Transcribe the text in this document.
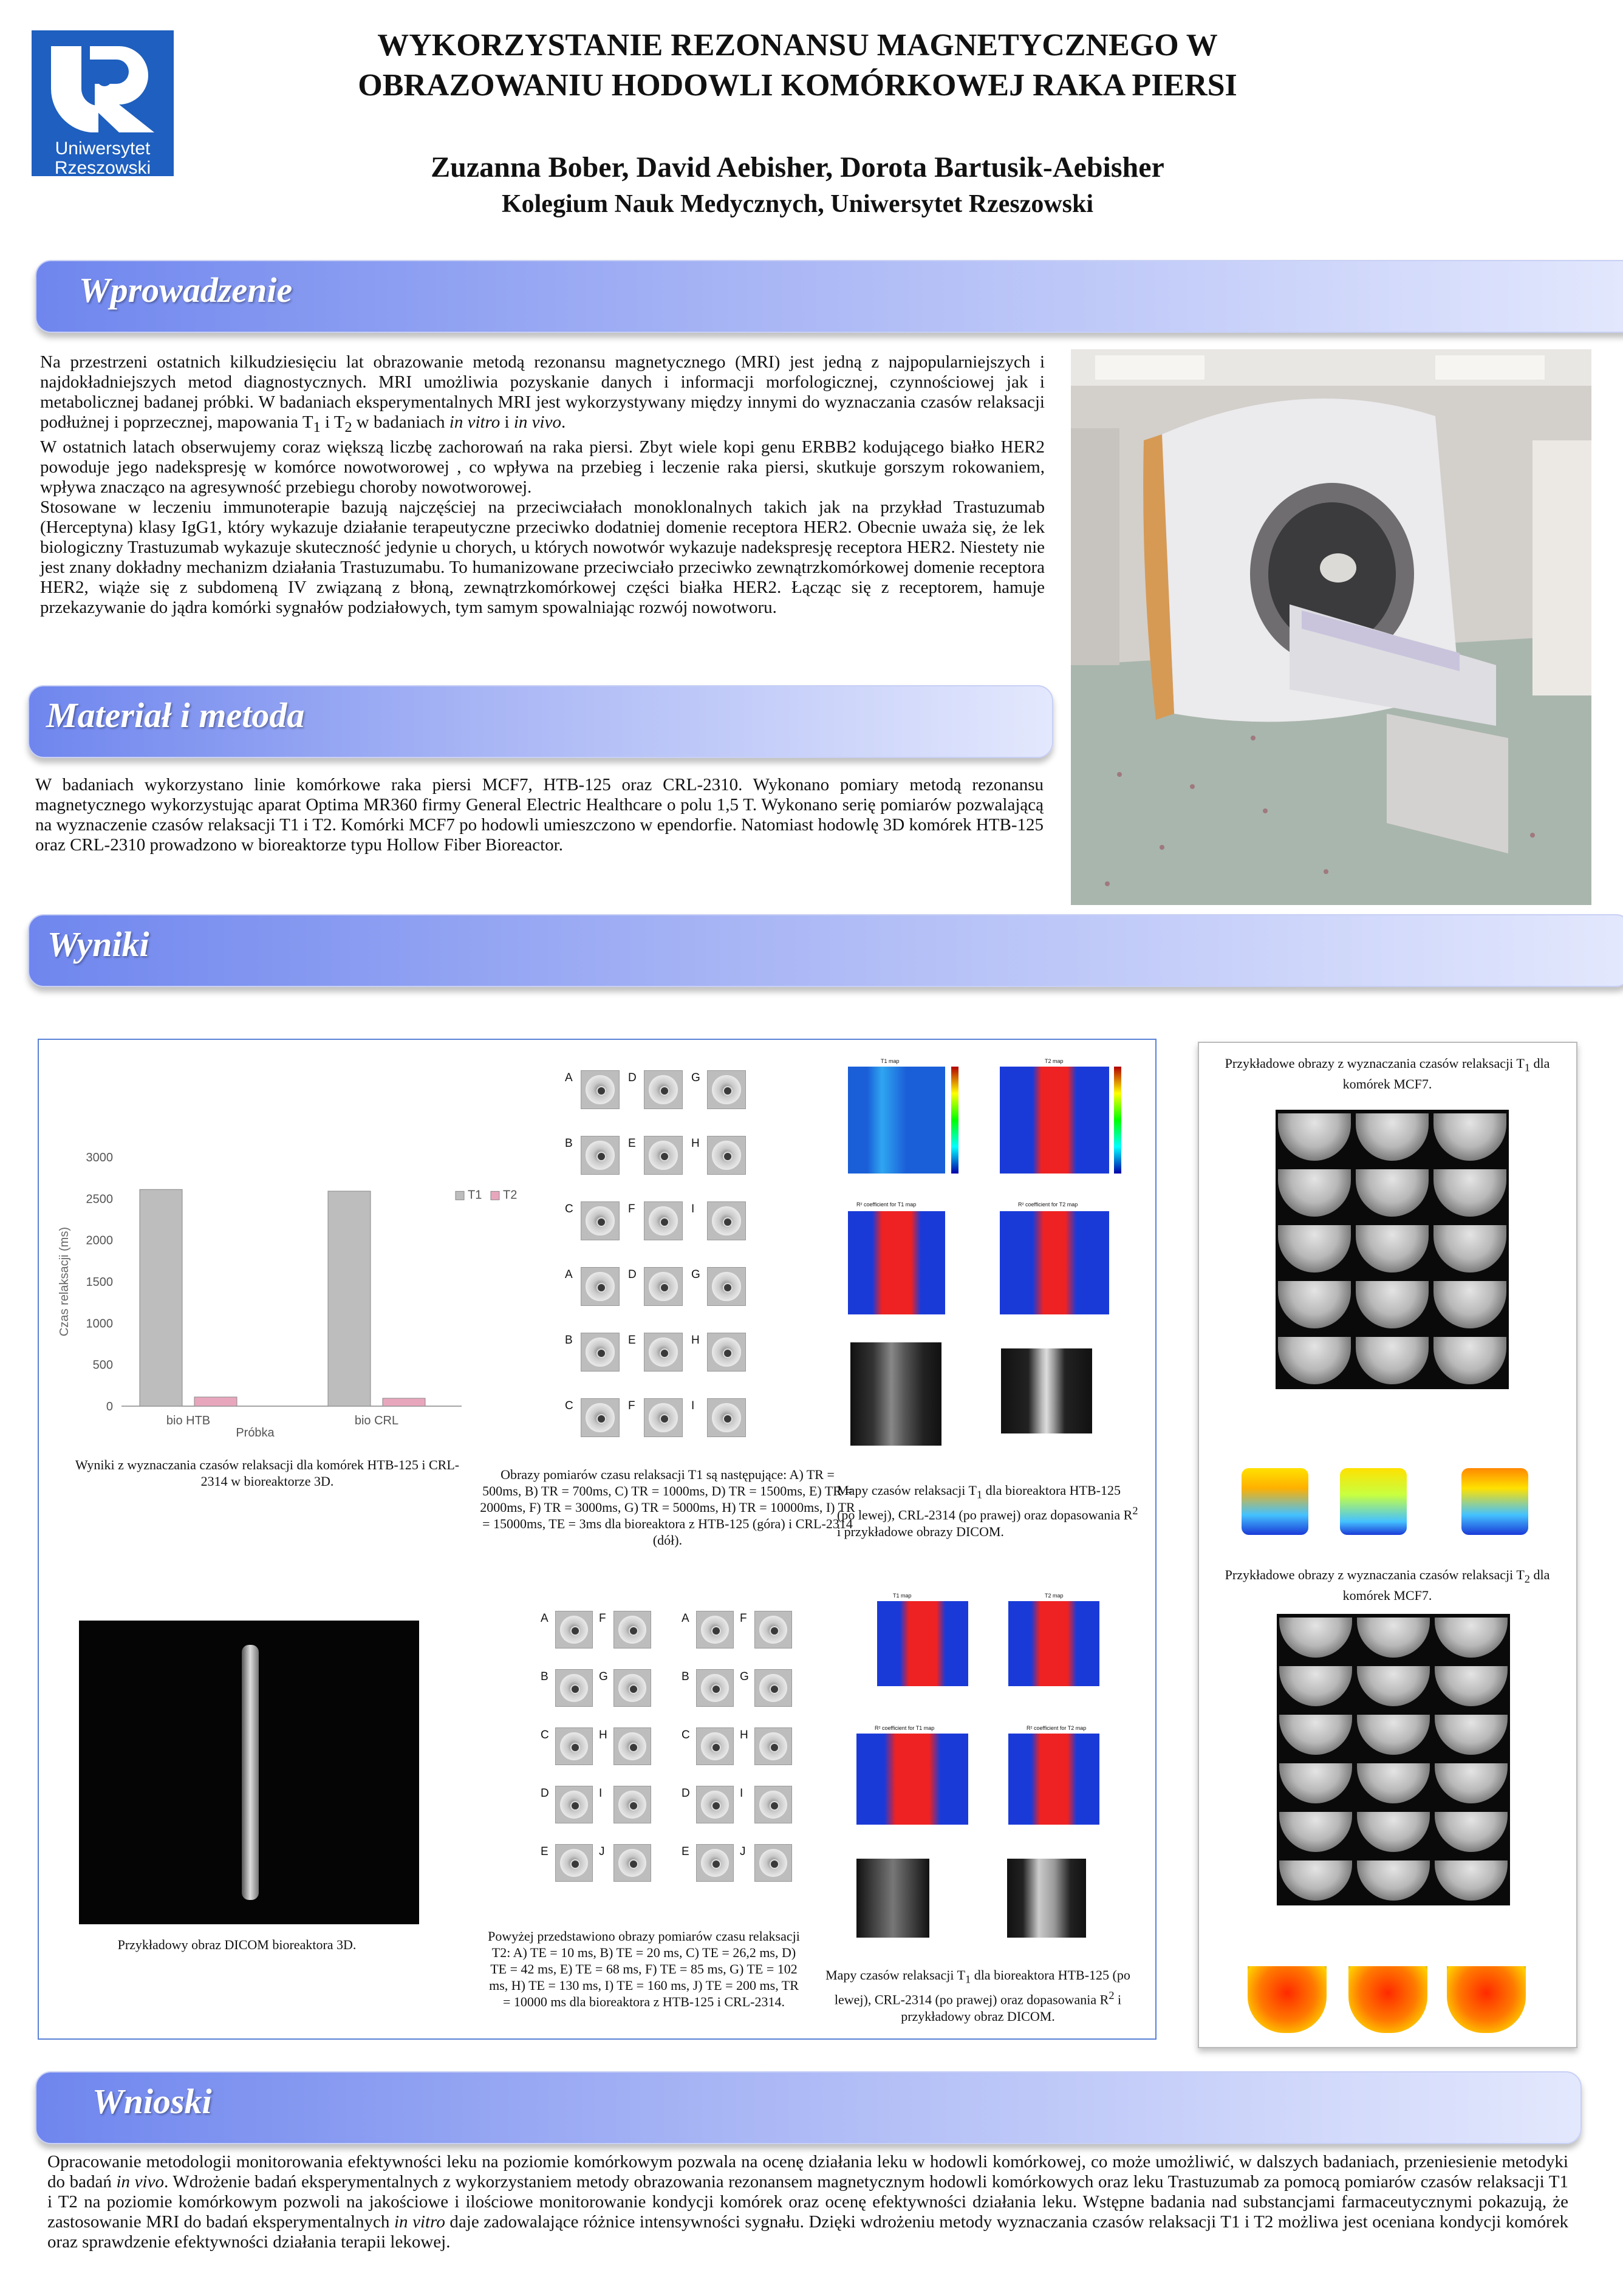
Uniwersytet
Rzeszowski
WYKORZYSTANIE REZONANSU MAGNETYCZNEGO W
OBRAZOWANIU HODOWLI KOMÓRKOWEJ RAKA PIERSI
Zuzanna Bober, David Aebisher, Dorota Bartusik-Aebisher
Kolegium Nauk Medycznych, Uniwersytet Rzeszowski
Wprowadzenie

Na przestrzeni ostatnich kilkudziesięciu lat obrazowanie metodą rezonansu magnetycznego (MRI) jest jedną z najpopularniejszych i najdokładniejszych metod diagnostycznych. MRI umożliwia pozyskanie danych i informacji morfologicznej, czynnościowej jak i metabolicznej badanej próbki. W badaniach eksperymentalnych MRI jest wykorzystywany między innymi do wyznaczania czasów relaksacji podłużnej i poprzecznej, mapowania $T_1$ i $T_2$ w badaniach in vitro i in vivo.

W ostatnich latach obserwujemy coraz większą liczbę zachorowań na raka piersi. Zbyt wiele kopi genu ERBB2 kodującego białko HER2 powoduje jego nadekspresję w komórce nowotworowej , co wpływa na przebieg i leczenie raka piersi, skutkuje gorszym rokowaniem, wpływa znacząco na agresywność przebiegu choroby nowotworowej.

Stosowane w leczeniu immunoterapie bazują najczęściej na przeciwciałach monoklonalnych takich jak na przykład Trastuzumab (Herceptyna) klasy IgG1, który wykazuje działanie terapeutyczne przeciwko dodatniej domenie receptora HER2. Obecnie uważa się, że lek biologiczny Trastuzumab wykazuje skuteczność jedynie u chorych, u których nowotwór wykazuje nadekspresję receptora HER2. Niestety nie jest znany dokładny mechanizm działania Trastuzumabu. To humanizowane przeciwciało przeciwko zewnątrzkomórkowej domenie receptora HER2, wiąże się z subdomeną IV związaną z błoną, zewnątrzkomórkowej części białka HER2. Łącząc się z receptorem, hamuje przekazywanie do jądra komórki sygnałów podziałowych, tym samym spowalniając rozwój nowotworu.

Materiał i metoda
W badaniach wykorzystano linie komórkowe raka piersi MCF7, HTB-125 oraz CRL-2310. Wykonano pomiary metodą rezonansu magnetycznego wykorzystując aparat Optima MR360 firmy General Electric Healthcare o polu 1,5 T. Wykonano serię pomiarów pozwalającą na wyznaczenie czasów relaksacji T1 i T2. Komórki MCF7 po hodowli umieszczono w ependorfie. Natomiast hodowlę 3D komórek HTB-125 oraz CRL-2310 prowadzono w bioreaktorze typu Hollow Fiber Bioreactor.
Wyniki
0
500
1000
1500
2000
2500
3000
Czas relaksacji (ms)
bio HTB	bio CRL
Próbka
T1 T2
Wyniki z wyznaczania czasów relaksacji dla komórek HTB-125 i CRL-2314 w bioreaktorze 3D.
A	D	G
B	E	H
C	F	I
A	D	G
B	E	H
C	F	I
Obrazy pomiarów czasu relaksacji T1 są następujące: A) TR = 500ms, B) TR = 700ms, C) TR = 1000ms, D) TR = 1500ms, E) TR = 2000ms, F) TR = 3000ms, G) TR = 5000ms, H) TR = 10000ms, I) TR = 15000ms, TE = 3ms dla bioreaktora z HTB-125 (góra) i CRL-2314 (dół).
T1 map	T2 map
R² coefficient for T1 map	R² coefficient for T2 map
Mapy czasów relaksacji $T_1$ dla bioreaktora HTB-125 (po lewej), CRL-2314 (po prawej) oraz dopasowania $R^2$ i przykładowe obrazy DICOM.
Przykładowy obraz DICOM bioreaktora 3D.
A	F	A	F
B	G	B	G
C	H	C	H
D	I	D	I
E	J	E	J
Powyżej przedstawiono obrazy pomiarów czasu relaksacji T2: A) TE = 10 ms, B) TE = 20 ms, C) TE = 26,2 ms, D) TE = 42 ms, E) TE = 68 ms, F) TE = 85 ms, G) TE = 102 ms, H) TE = 130 ms, I) TE = 160 ms, J) TE = 200 ms, TR = 10000 ms dla bioreaktora z HTB-125 i CRL-2314.
T1 map	T2 map
R² coefficient for T1 map	R² coefficient for T2 map
Mapy czasów relaksacji $T_1$ dla bioreaktora HTB-125 (po lewej), CRL-2314 (po prawej) oraz dopasowania $R^2$ i przykładowy obraz DICOM.
Przykładowe obrazy z wyznaczania czasów relaksacji $T_1$ dla komórek MCF7.
Przykładowe obrazy z wyznaczania czasów relaksacji $T_2$ dla komórek MCF7.
Wnioski
Opracowanie metodologii monitorowania efektywności leku na poziomie komórkowym pozwala na ocenę działania leku w hodowli komórkowej, co może umożliwić, w dalszych badaniach, przeniesienie metodyki do badań in vivo. Wdrożenie badań eksperymentalnych z wykorzystaniem metody obrazowania rezonansem magnetycznym hodowli komórkowych oraz leku Trastuzumab za pomocą pomiarów czasów relaksacji T1 i T2 na poziomie komórkowym pozwoli na jakościowe i ilościowe monitorowanie kondycji komórek oraz ocenę efektywności działania leku. Wstępne badania nad substancjami farmaceutycznymi pokazują, że zastosowanie MRI do badań eksperymentalnych in vitro daje zadowalające różnice intensywności sygnału. Dzięki wdrożeniu metody wyznaczania czasów relaksacji T1 i T2 możliwa jest oceniana kondycji komórek oraz sprawdzenie efektywności działania terapii lekowej.
